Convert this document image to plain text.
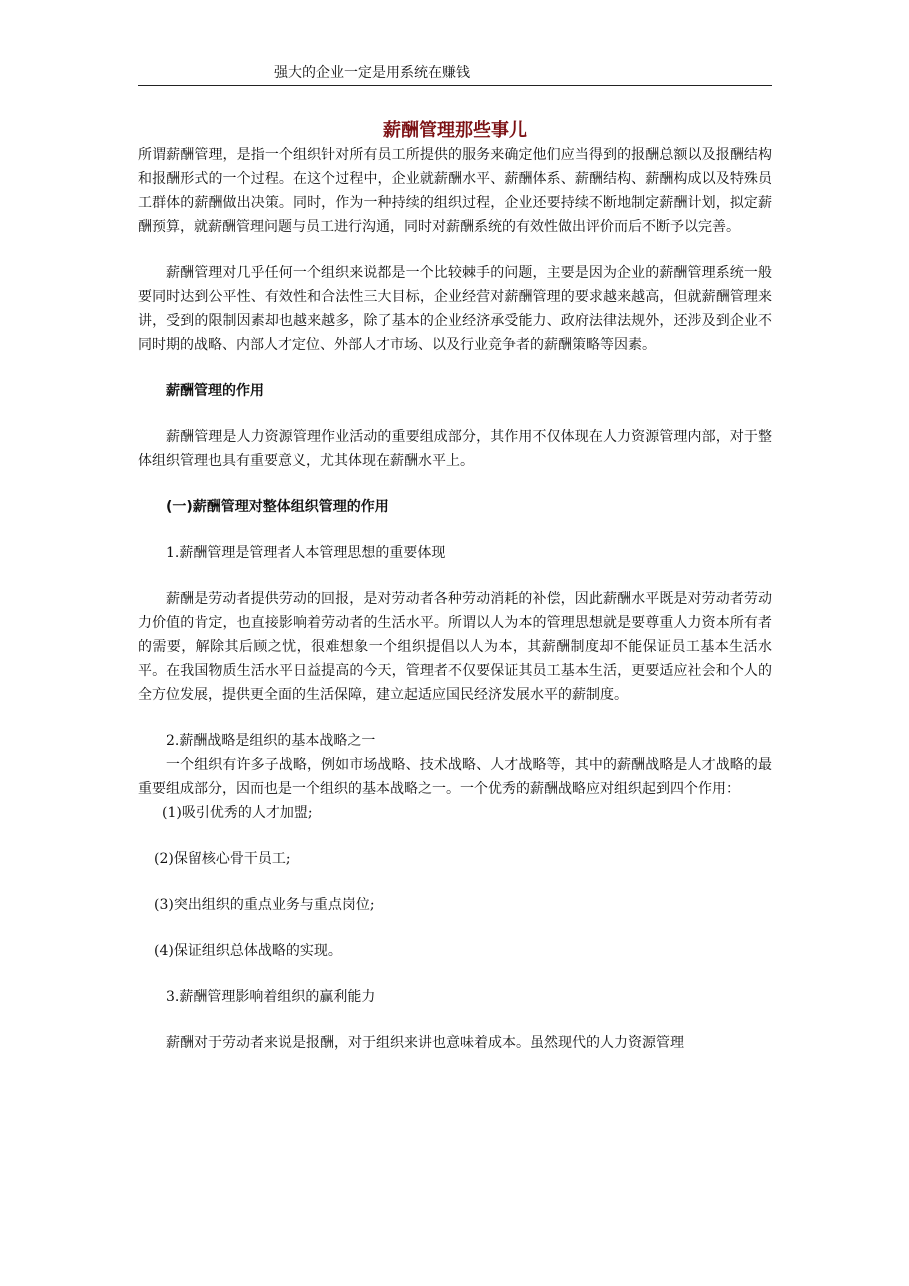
强大的企业一定是用系统在赚钱
薪酬管理那些事儿

所谓薪酬管理，是指一个组织针对所有员工所提供的服务来确定他们应当得到的报酬总额以及报酬结构和报酬形式的一个过程。在这个过程中，企业就薪酬水平、薪酬体系、薪酬结构、薪酬构成以及特殊员工群体的薪酬做出决策。同时，作为一种持续的组织过程，企业还要持续不断地制定薪酬计划，拟定薪酬预算，就薪酬管理问题与员工进行沟通，同时对薪酬系统的有效性做出评价而后不断予以完善。

薪酬管理对几乎任何一个组织来说都是一个比较棘手的问题，主要是因为企业的薪酬管理系统一般要同时达到公平性、有效性和合法性三大目标，企业经营对薪酬管理的要求越来越高，但就薪酬管理来讲，受到的限制因素却也越来越多，除了基本的企业经济承受能力、政府法律法规外，还涉及到企业不同时期的战略、内部人才定位、外部人才市场、以及行业竞争者的薪酬策略等因素。

薪酬管理的作用

薪酬管理是人力资源管理作业活动的重要组成部分，其作用不仅体现在人力资源管理内部，对于整体组织管理也具有重要意义，尤其体现在薪酬水平上。

(一)薪酬管理对整体组织管理的作用

1.薪酬管理是管理者人本管理思想的重要体现

薪酬是劳动者提供劳动的回报，是对劳动者各种劳动消耗的补偿，因此薪酬水平既是对劳动者劳动力价值的肯定，也直接影响着劳动者的生活水平。所谓以人为本的管理思想就是要尊重人力资本所有者的需要，解除其后顾之忧，很难想象一个组织提倡以人为本，其薪酬制度却不能保证员工基本生活水平。在我国物质生活水平日益提高的今天，管理者不仅要保证其员工基本生活，更要适应社会和个人的全方位发展，提供更全面的生活保障，建立起适应国民经济发展水平的薪制度。

2.薪酬战略是组织的基本战略之一

一个组织有许多子战略，例如市场战略、技术战略、人才战略等，其中的薪酬战略是人才战略的最重要组成部分，因而也是一个组织的基本战略之一。一个优秀的薪酬战略应对组织起到四个作用：

(1)吸引优秀的人才加盟;

(2)保留核心骨干员工;

(3)突出组织的重点业务与重点岗位;

(4)保证组织总体战略的实现。

3.薪酬管理影响着组织的赢利能力

薪酬对于劳动者来说是报酬，对于组织来讲也意味着成本。虽然现代的人力资源管理
